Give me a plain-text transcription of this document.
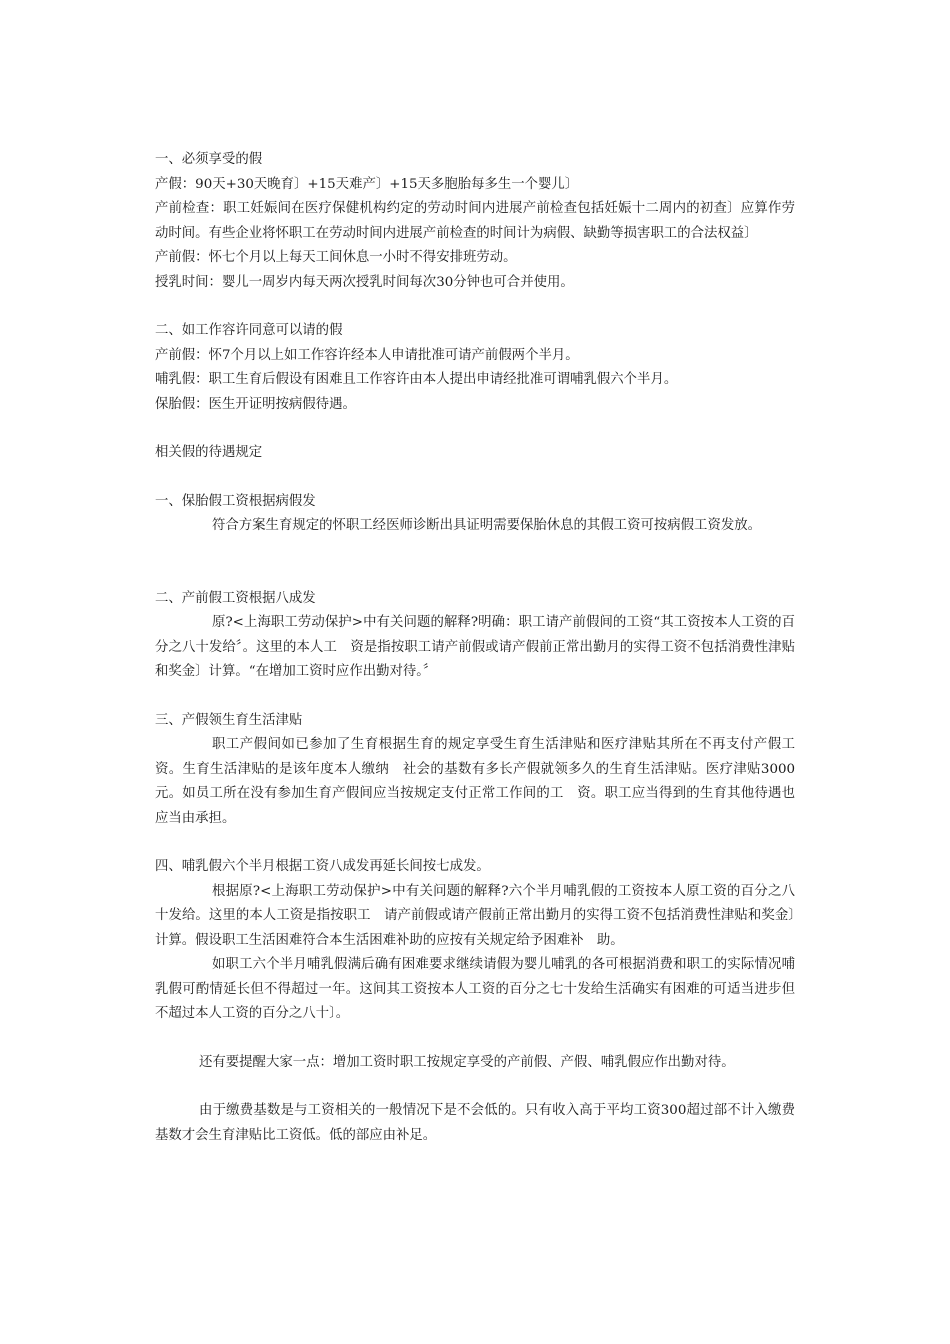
一、必须享受的假
产假：90天+30天晚育〕+15天难产〕+15天多胞胎每多生一个婴儿〕
产前检查：职工妊娠间在医疗保健机构约定的劳动时间内进展产前检查包括妊娠十二周内的初查〕应算作劳动时间。有些企业将怀职工在劳动时间内进展产前检查的时间计为病假、缺勤等损害职工的合法权益〕
产前假：怀七个月以上每天工间休息一小时不得安排班劳动。
授乳时间：婴儿一周岁内每天两次授乳时间每次30分钟也可合并使用。
二、如工作容许同意可以请的假
产前假：怀7个月以上如工作容许经本人申请批准可请产前假两个半月。
哺乳假：职工生育后假设有困难且工作容许由本人提出申请经批准可谓哺乳假六个半月。
保胎假：医生开证明按病假待遇。
相关假的待遇规定
一、保胎假工资根据病假发
符合方案生育规定的怀职工经医师诊断出具证明需要保胎休息的其假工资可按病假工资发放。
二、产前假工资根据八成发
原?<上海职工劳动保护>中有关问题的解释?明确：职工请产前假间的工资“其工资按本人工资的百分之八十发给〞。这里的本人工　资是指按职工请产前假或请产假前正常出勤月的实得工资不包括消费性津贴和奖金〕计算。“在增加工资时应作出勤对待。〞
三、产假领生育生活津贴
职工产假间如已参加了生育根据生育的规定享受生育生活津贴和医疗津贴其所在不再支付产假工资。生育生活津贴的是该年度本人缴纳　社会的基数有多长产假就领多久的生育生活津贴。医疗津贴3000元。如员工所在没有参加生育产假间应当按规定支付正常工作间的工　资。职工应当得到的生育其他待遇也应当由承担。
四、哺乳假六个半月根据工资八成发再延长间按七成发。
根据原?<上海职工劳动保护>中有关问题的解释?六个半月哺乳假的工资按本人原工资的百分之八十发给。这里的本人工资是指按职工　请产前假或请产假前正常出勤月的实得工资不包括消费性津贴和奖金〕计算。假设职工生活困难符合本生活困难补助的应按有关规定给予困难补　助。
如职工六个半月哺乳假满后确有困难要求继续请假为婴儿哺乳的各可根据消费和职工的实际情况哺乳假可酌情延长但不得超过一年。这间其工资按本人工资的百分之七十发给生活确实有困难的可适当进步但不超过本人工资的百分之八十〕。
还有要提醒大家一点：增加工资时职工按规定享受的产前假、产假、哺乳假应作出勤对待。
由于缴费基数是与工资相关的一般情况下是不会低的。只有收入高于平均工资300超过部不计入缴费基数才会生育津贴比工资低。低的部应由补足。
